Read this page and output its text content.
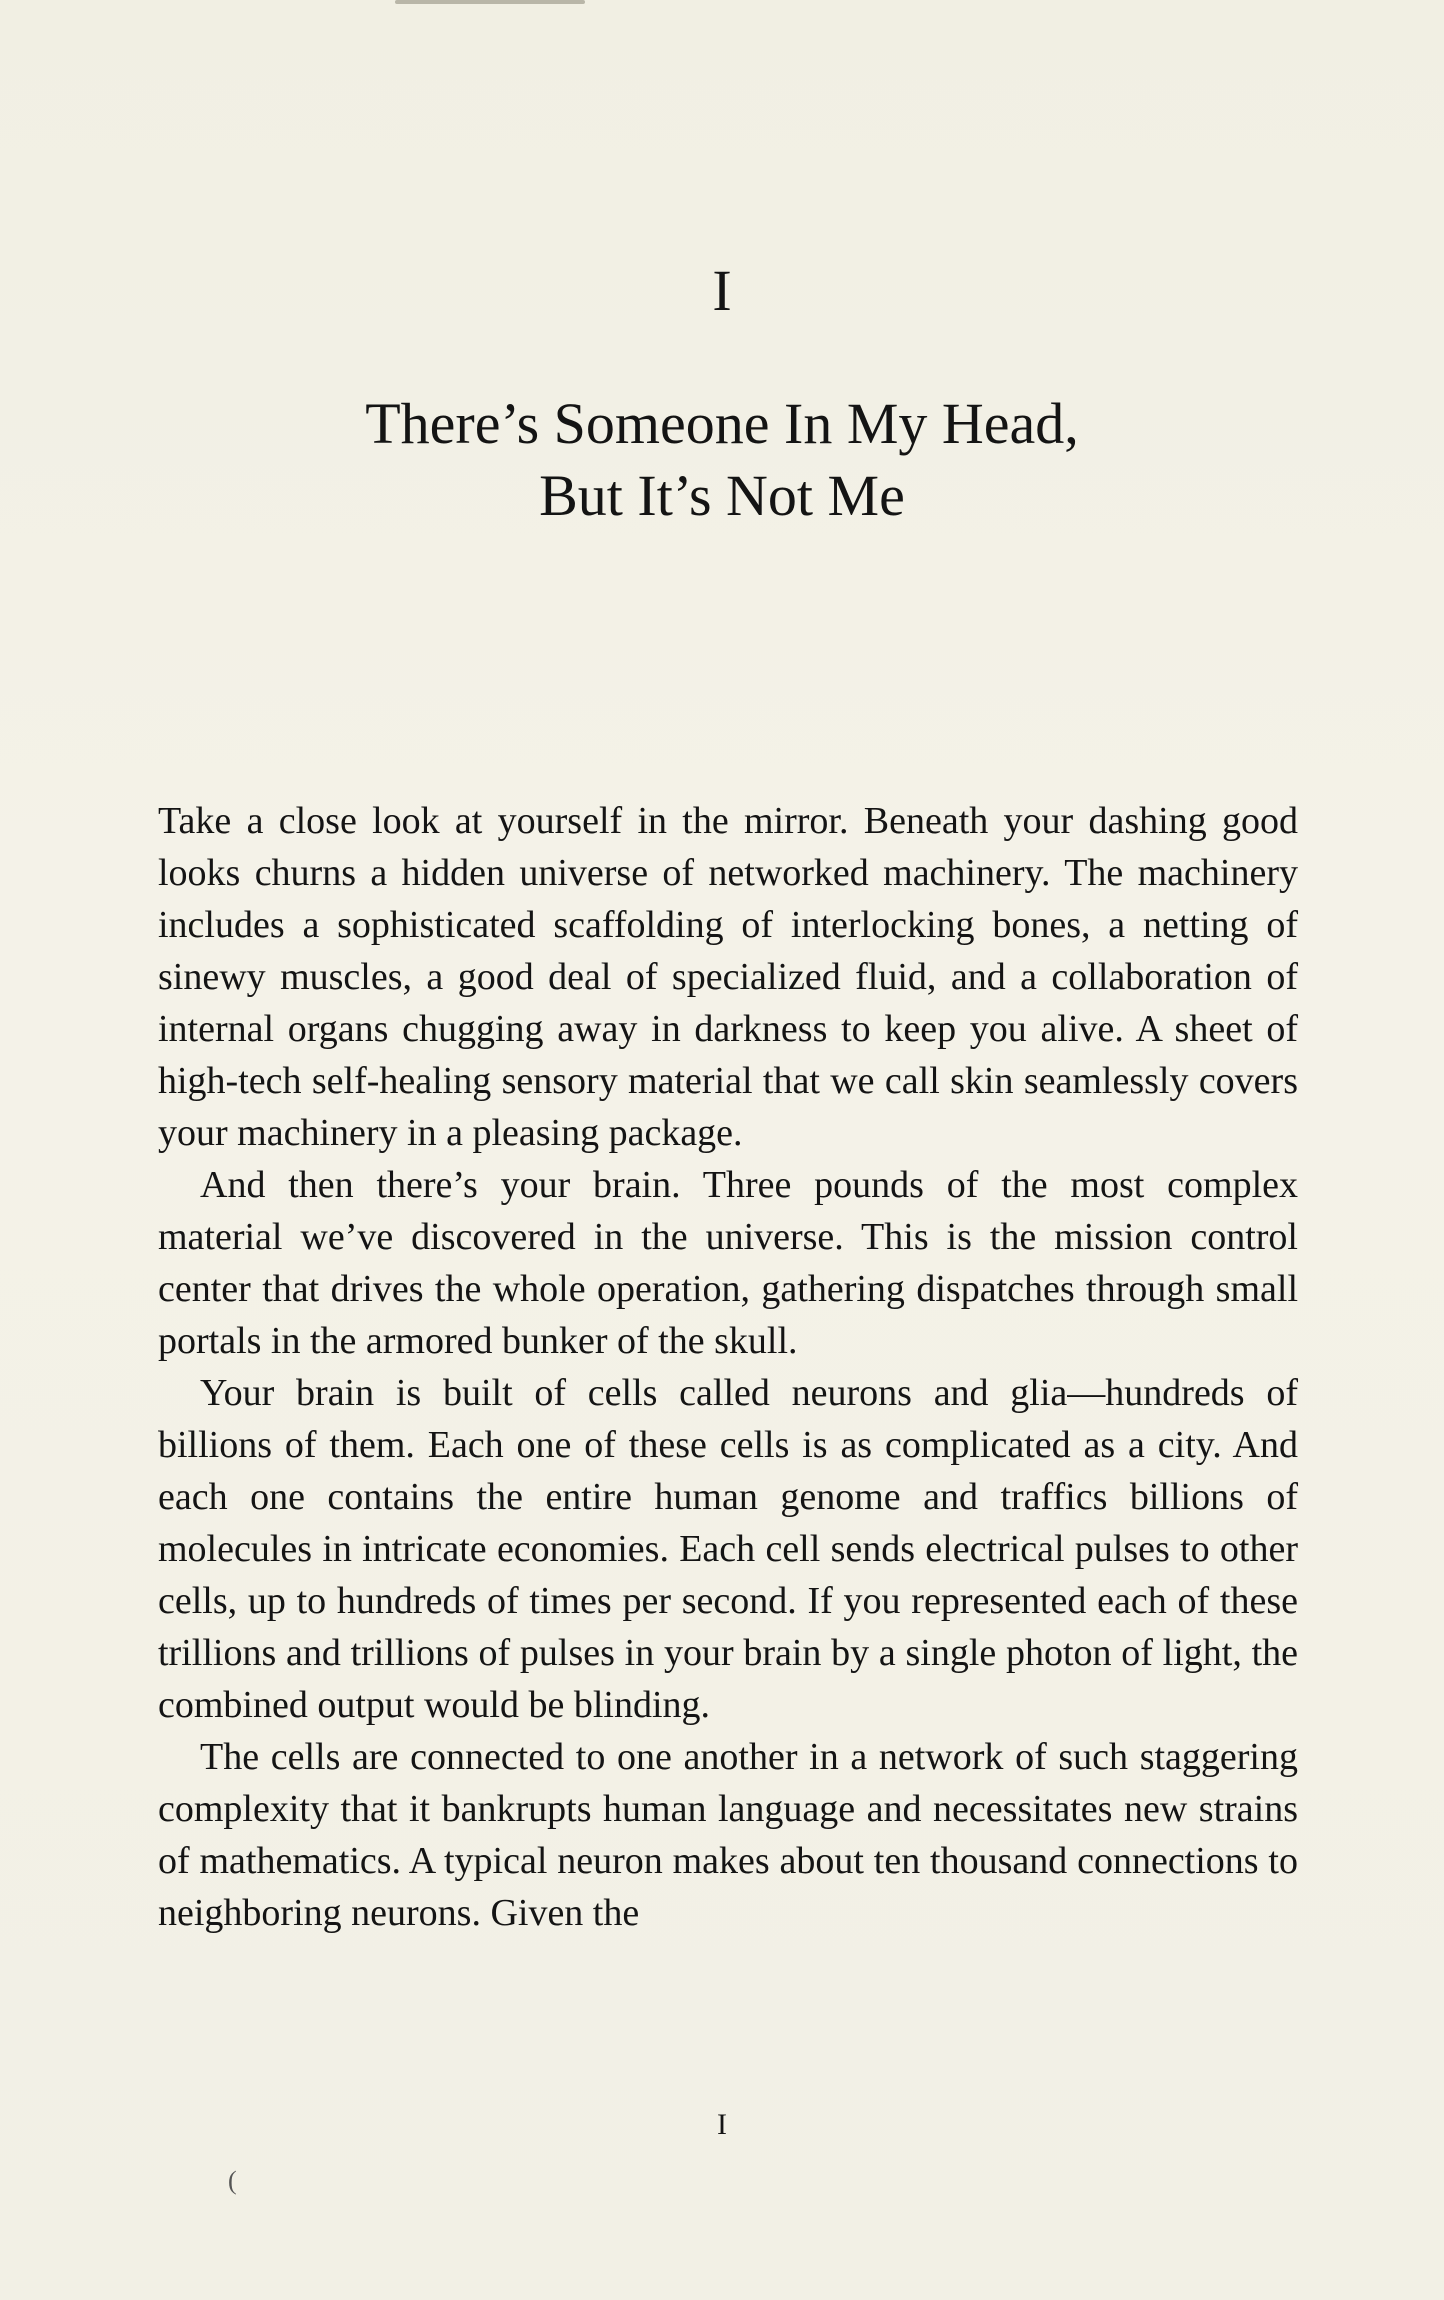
I
There’s Someone In My Head,
But It’s Not Me

Take a close look at yourself in the mirror. Beneath your dashing good looks churns a hidden universe of networked machinery. The machinery includes a sophisticated scaffolding of interlocking bones, a netting of sinewy muscles, a good deal of specialized fluid, and a collaboration of internal organs chugging away in darkness to keep you alive. A sheet of high-tech self-healing sensory material that we call skin seamlessly covers your machinery in a pleasing package.

And then there’s your brain. Three pounds of the most complex material we’ve discovered in the universe. This is the mission control center that drives the whole operation, gathering dispatches through small portals in the armored bunker of the skull.

Your brain is built of cells called neurons and glia—hundreds of billions of them. Each one of these cells is as complicated as a city. And each one contains the entire human genome and traffics billions of molecules in intricate economies. Each cell sends electrical pulses to other cells, up to hundreds of times per second. If you represented each of these trillions and trillions of pulses in your brain by a single photon of light, the combined output would be blinding.

The cells are connected to one another in a network of such staggering complexity that it bankrupts human language and necessitates new strains of mathematics. A typical neuron makes about ten thousand connections to neighboring neurons. Given the

I
(
